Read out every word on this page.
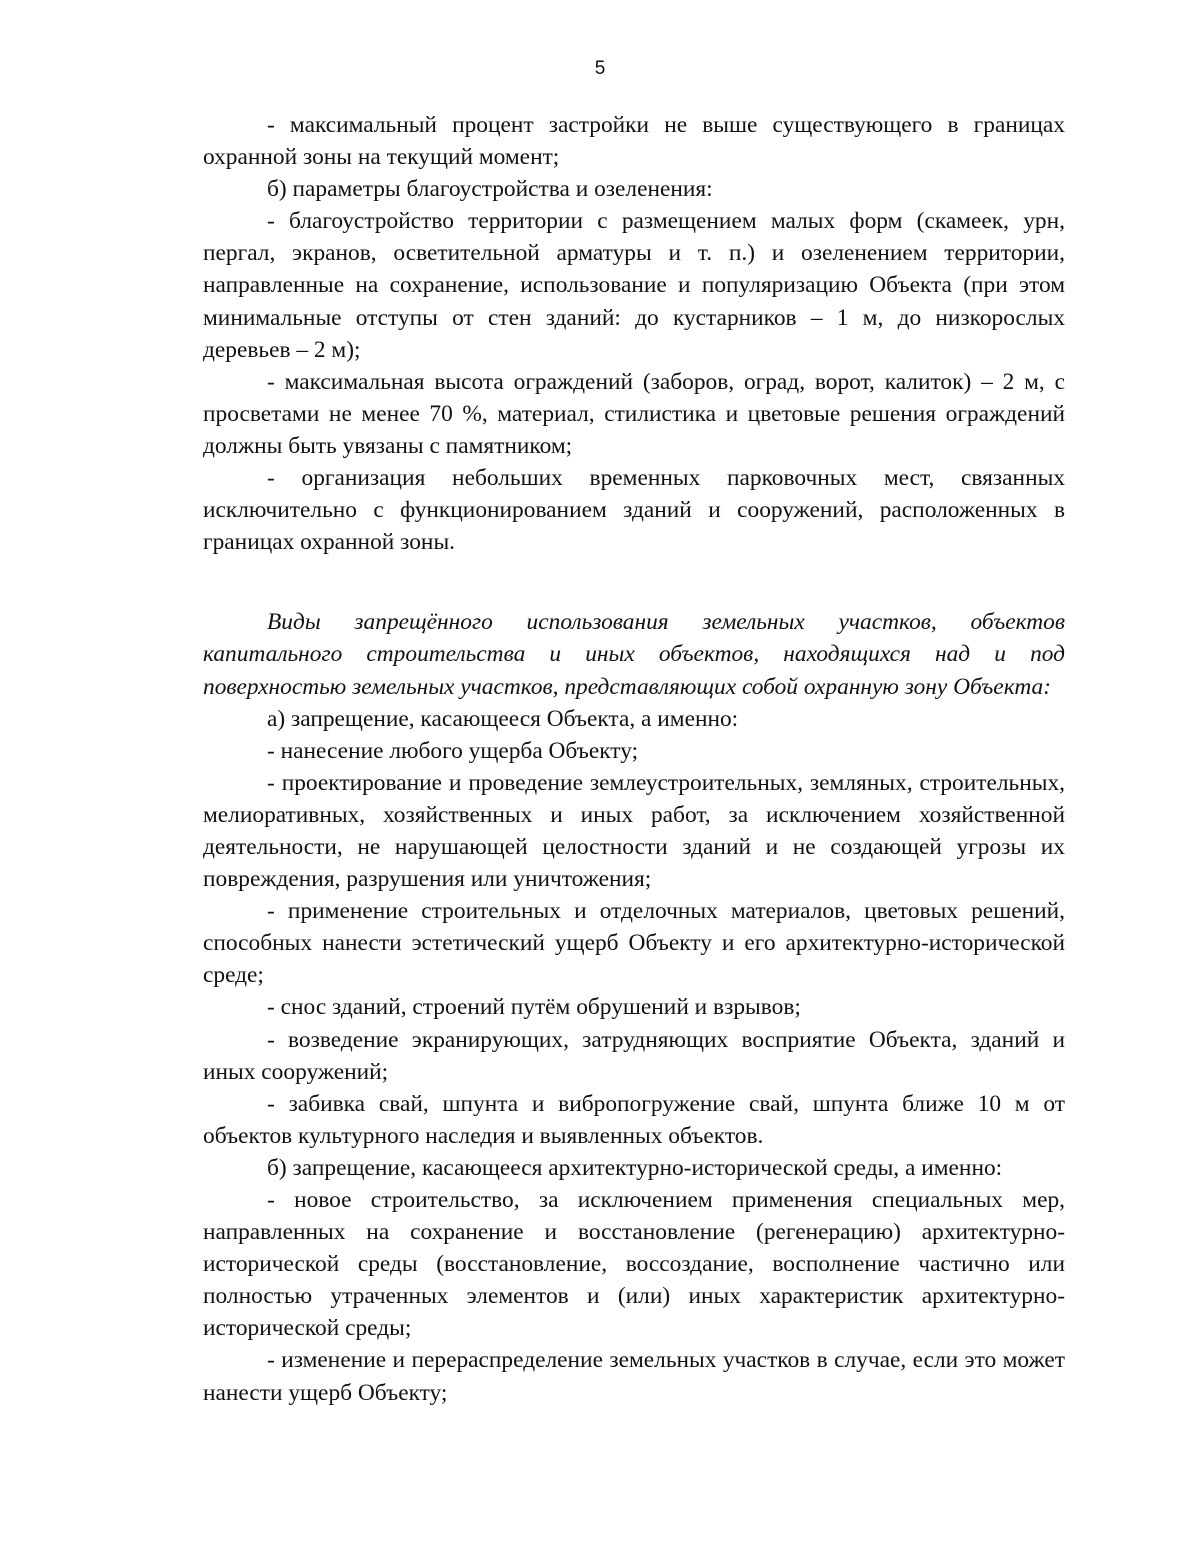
5

- максимальный процент застройки не выше существующего в границах охранной зоны на текущий момент;

б) параметры благоустройства и озеленения:

- благоустройство территории с размещением малых форм (скамеек, урн, пергал, экранов, осветительной арматуры и т. п.) и озеленением территории, направленные на сохранение, использование и популяризацию Объекта (при этом минимальные отступы от стен зданий: до кустарников – 1 м, до низкорослых деревьев – 2 м);

- максимальная высота ограждений (заборов, оград, ворот, калиток) – 2 м, с просветами не менее 70 %, материал, стилистика и цветовые решения ограждений должны быть увязаны с памятником;

- организация небольших временных парковочных мест, связанных исключительно с функционированием зданий и сооружений, расположенных в границах охранной зоны.

Виды запрещённого использования земельных участков, объектов капитального строительства и иных объектов, находящихся над и под поверхностью земельных участков, представляющих собой охранную зону Объекта:

а) запрещение, касающееся Объекта, а именно:

- нанесение любого ущерба Объекту;

- проектирование и проведение землеустроительных, земляных, строительных, мелиоративных, хозяйственных и иных работ, за исключением хозяйственной деятельности, не нарушающей целостности зданий и не создающей угрозы их повреждения, разрушения или уничтожения;

- применение строительных и отделочных материалов, цветовых решений, способных нанести эстетический ущерб Объекту и его архитектурно-исторической среде;

- снос зданий, строений путём обрушений и взрывов;

- возведение экранирующих, затрудняющих восприятие Объекта, зданий и иных сооружений;

- забивка свай, шпунта и вибропогружение свай, шпунта ближе 10 м от объектов культурного наследия и выявленных объектов.

б) запрещение, касающееся архитектурно-исторической среды, а именно:

- новое строительство, за исключением применения специальных мер, направленных на сохранение и восстановление (регенерацию) архитектурно-исторической среды (восстановление, воссоздание, восполнение частично или полностью утраченных элементов и (или) иных характеристик архитектурно-исторической среды;

- изменение и перераспределение земельных участков в случае, если это может нанести ущерб Объекту;
